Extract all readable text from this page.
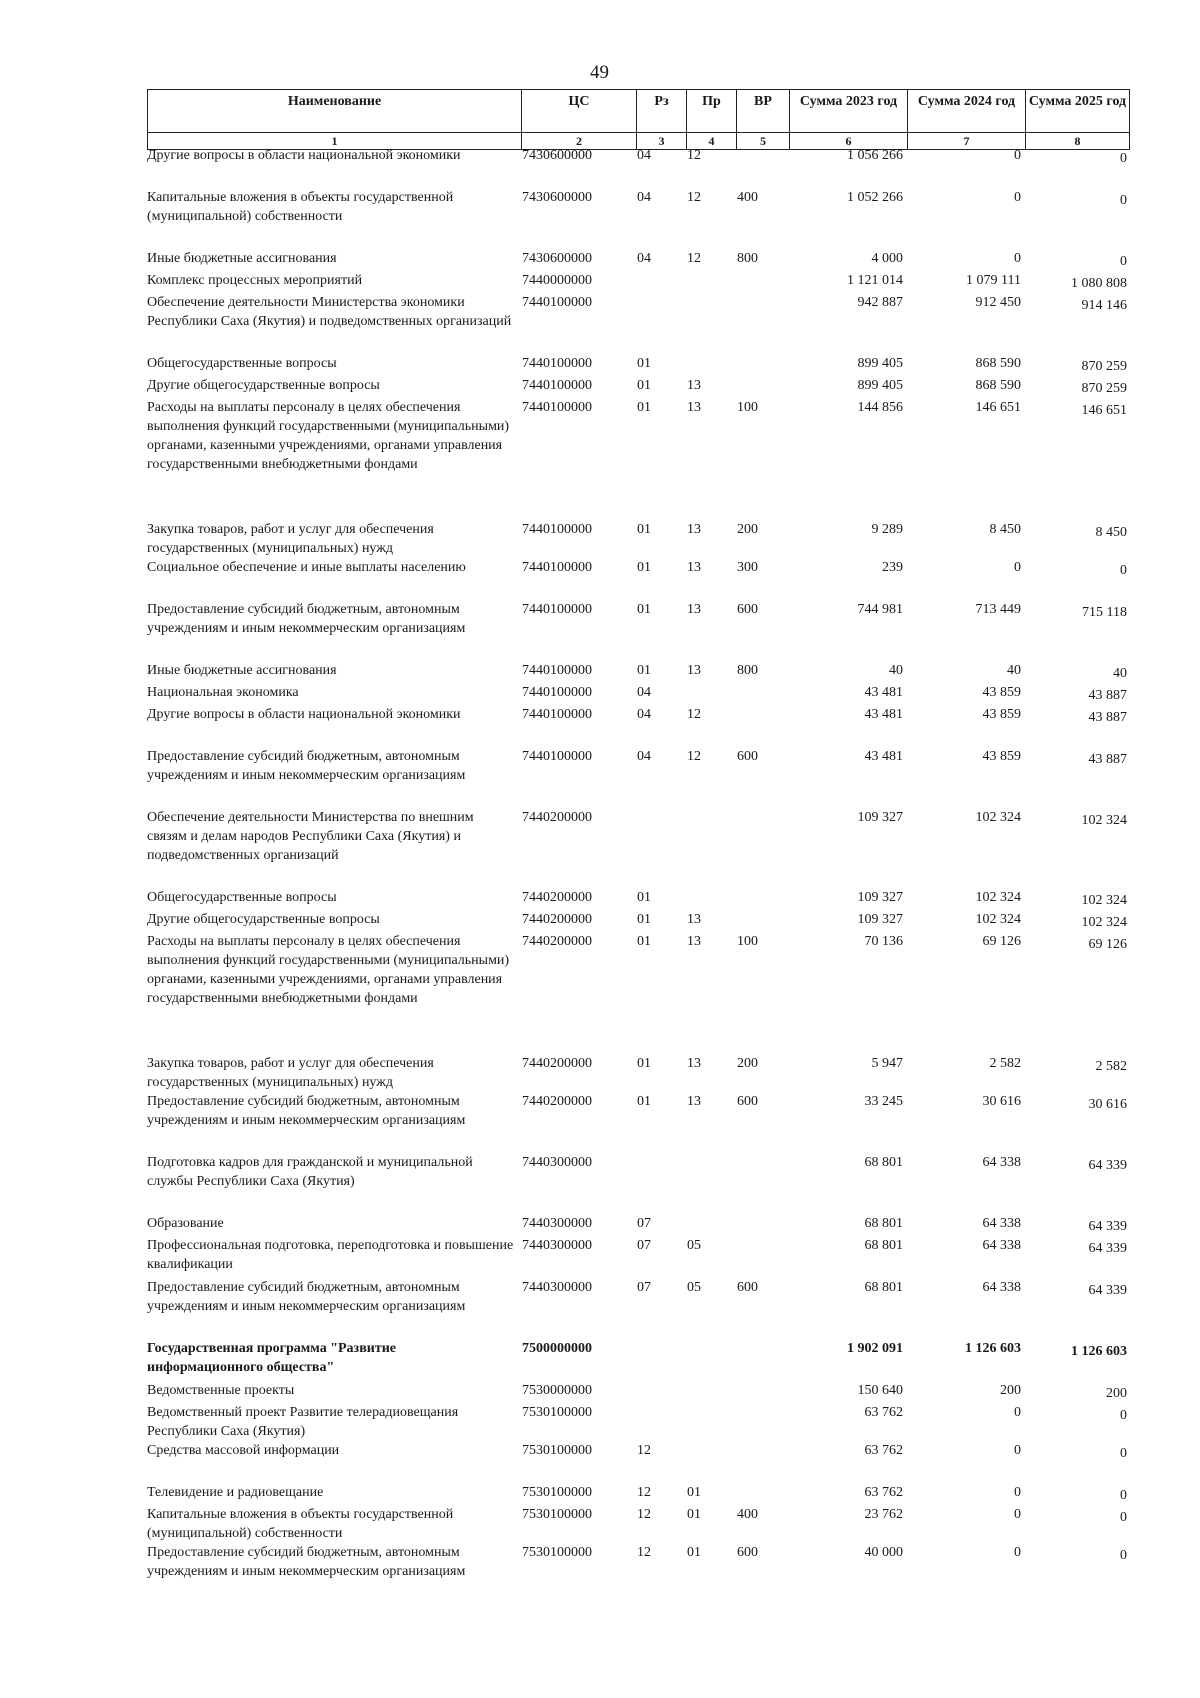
49
Наименование	ЦС	Рз	Пр	ВР	Сумма 2023 год	Сумма 2024 год	Сумма 2025 год
1	2	3	4	5	6	7	8
Другие вопросы в области национальной экономики	7430600000	04	12		1 056 266	0	0
Капитальные вложения в объекты государственной (муниципальной) собственности	7430600000	04	12	400	1 052 266	0	0
Иные бюджетные ассигнования	7430600000	04	12	800	4 000	0	0
Комплекс процессных мероприятий	7440000000				1 121 014	1 079 111	1 080 808
Обеспечение деятельности Министерства экономики Республики Саха (Якутия) и подведомственных организаций	7440100000				942 887	912 450	914 146
Общегосударственные вопросы	7440100000	01			899 405	868 590	870 259
Другие общегосударственные вопросы	7440100000	01	13		899 405	868 590	870 259
Расходы на выплаты персоналу в целях обеспечения выполнения функций государственными (муниципальными) органами, казенными учреждениями, органами управления государственными внебюджетными фондами	7440100000	01	13	100	144 856	146 651	146 651
Закупка товаров, работ и услуг для обеспечения государственных (муниципальных) нужд	7440100000	01	13	200	9 289	8 450	8 450
Социальное обеспечение и иные выплаты населению	7440100000	01	13	300	239	0	0
Предоставление субсидий бюджетным, автономным учреждениям и иным некоммерческим организациям	7440100000	01	13	600	744 981	713 449	715 118
Иные бюджетные ассигнования	7440100000	01	13	800	40	40	40
Национальная экономика	7440100000	04			43 481	43 859	43 887
Другие вопросы в области национальной экономики	7440100000	04	12		43 481	43 859	43 887
Предоставление субсидий бюджетным, автономным учреждениям и иным некоммерческим организациям	7440100000	04	12	600	43 481	43 859	43 887
Обеспечение деятельности Министерства по внешним связям и делам народов Республики Саха (Якутия) и подведомственных организаций	7440200000				109 327	102 324	102 324
Общегосударственные вопросы	7440200000	01			109 327	102 324	102 324
Другие общегосударственные вопросы	7440200000	01	13		109 327	102 324	102 324
Расходы на выплаты персоналу в целях обеспечения выполнения функций государственными (муниципальными) органами, казенными учреждениями, органами управления государственными внебюджетными фондами	7440200000	01	13	100	70 136	69 126	69 126
Закупка товаров, работ и услуг для обеспечения государственных (муниципальных) нужд	7440200000	01	13	200	5 947	2 582	2 582
Предоставление субсидий бюджетным, автономным учреждениям и иным некоммерческим организациям	7440200000	01	13	600	33 245	30 616	30 616
Подготовка кадров для гражданской и муниципальной службы Республики Саха (Якутия)	7440300000				68 801	64 338	64 339
Образование	7440300000	07			68 801	64 338	64 339
Профессиональная подготовка, переподготовка и повышение квалификации	7440300000	07	05		68 801	64 338	64 339
Предоставление субсидий бюджетным, автономным учреждениям и иным некоммерческим организациям	7440300000	07	05	600	68 801	64 338	64 339
Государственная программа "Развитие информационного общества"	7500000000				1 902 091	1 126 603	1 126 603
Ведомственные проекты	7530000000				150 640	200	200
Ведомственный проект Развитие телерадиовещания Республики Саха (Якутия)	7530100000				63 762	0	0
Средства массовой информации	7530100000	12			63 762	0	0
Телевидение и радиовещание	7530100000	12	01		63 762	0	0
Капитальные вложения в объекты государственной (муниципальной) собственности	7530100000	12	01	400	23 762	0	0
Предоставление субсидий бюджетным, автономным учреждениям и иным некоммерческим организациям	7530100000	12	01	600	40 000	0	0
